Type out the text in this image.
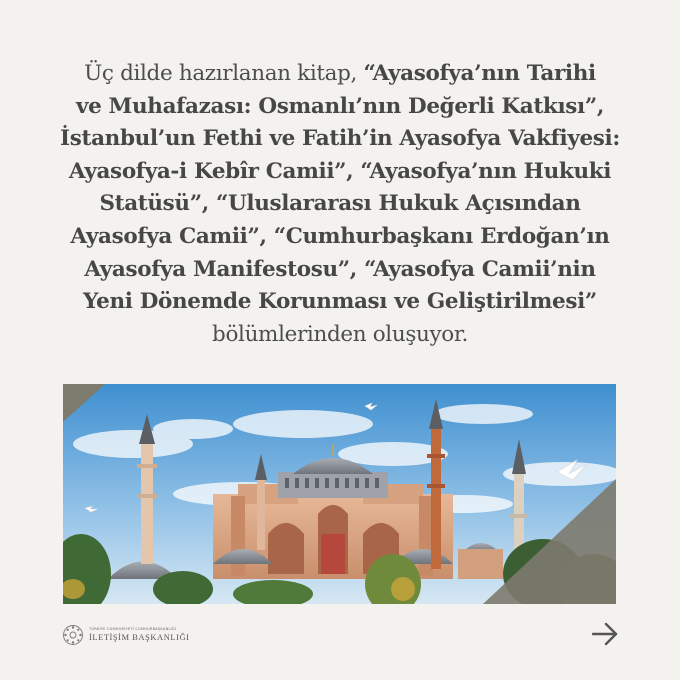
Üç dilde hazırlanan kitap, “Ayasofya’nın Tarihi
ve Muhafazası: Osmanlı’nın Değerli Katkısı”,
İstanbul’un Fethi ve Fatih’in Ayasofya Vakfiyesi:
Ayasofya-i Kebîr Camii”, “Ayasofya’nın Hukuki
Statüsü”, “Uluslararası Hukuk Açısından
Ayasofya Camii”, “Cumhurbaşkanı Erdoğan’ın
Ayasofya Manifestosu”, “Ayasofya Camii’nin
Yeni Dönemde Korunması ve Geliştirilmesi”
bölümlerinden oluşuyor.
TÜRKİYE CUMHURİYETİ CUMHURBAŞKANLIĞI
İLETİŞİM BAŞKANLIĞI
